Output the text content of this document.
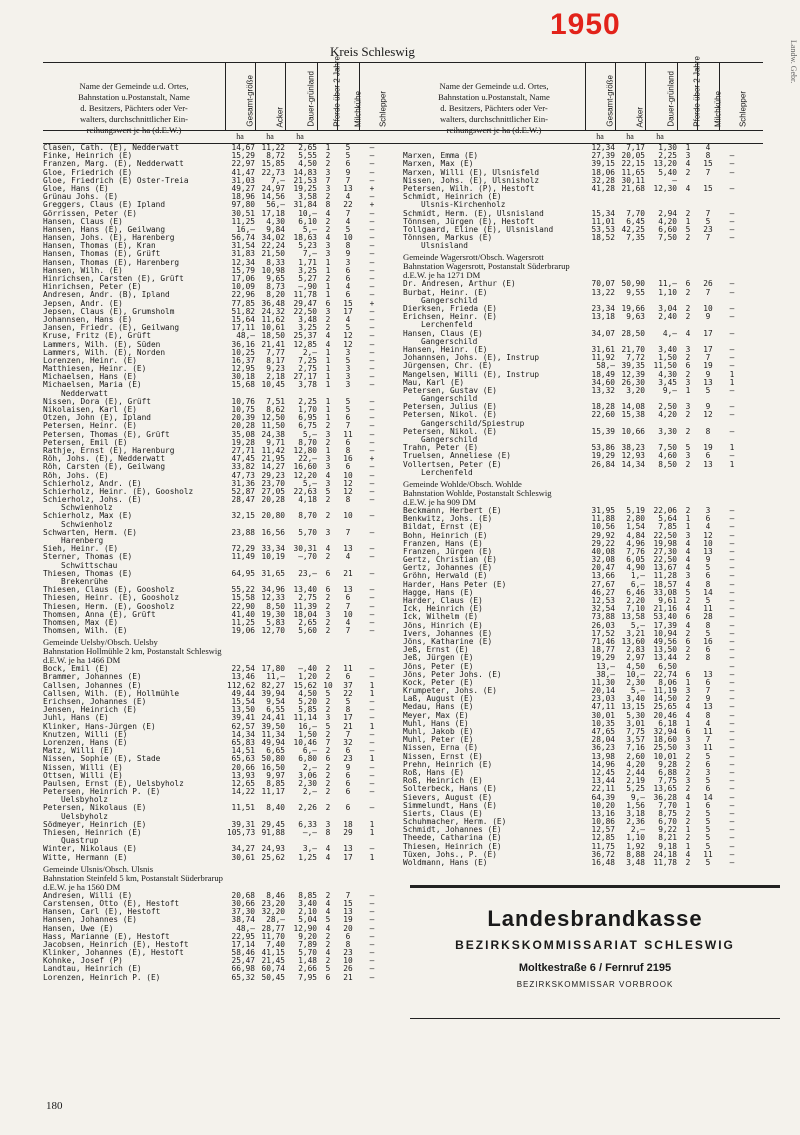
1950
Kreis Schleswig	Landw. Gebr.
Name der Gemeinde u.d. Ortes,
Bahnstation u.Postanstalt, Name
d. Besitzers, Pächters oder Ver-
walters, durchschnittlicher Ein-
reihungswert je ha (d.E.W.)
Gesamt-größe	Acker	Dauer-grünland Pferde über 2 Jahre Milchkühe Schlepper
ha	ha	ha
Clasen, Cath. (E), Nedderwatt	14,67 11,22	2,65	1	5	—
Finke, Heinrich (E)	15,29	8,72	5,55	2	5	—
Franzen, Marg. (E), Nedderwatt	22,97 15,85	4,50	2	6	—
Gloe, Friedrich (E)	41,47 22,73	14,83	3	9	—
Gloe, Friedrich (E) Oster-Treia	31,03	7,—	21,53	7	7	—
Gloe, Hans (E)	49,27 24,97	19,25	3	13	+
Grünau Johs. (E)	18,96 14,56	3,58	2	4	—
Greggers, Claus (E) Ipland	97,80	56,—	31,84	8	22	+
Görrissen, Peter (E)	30,51 17,18	10,—	4	7	—
Hansen, Claus (E)	11,25	4,30	6,10	2	4	—
Hansen, Hans (E), Geilwang	16,—	9,84	5,—	2	5	—
Hansen, Johs. (E), Harenberg	56,74 34,02	18,63	4	10	—
Hansen, Thomas (E), Kran	31,54 22,24	5,23	3	8	—
Hansen, Thomas (E), Grüft	31,83 21,50	7,—	3	9	—
Hansen, Thomas (E), Harenberg	12,34	8,33	1,71	1	3	—
Hansen, Wilh. (E)	15,79 10,98	3,25	1	6	—
Hinrichsen, Carsten (E), Grüft	17,06	9,65	5,27	2	6	—
Hinrichsen, Peter (E)	10,09	8,73	—,90	1	4	—
Andresen, Andr. (B), Ipland	22,96	8,20	11,78	1	6	—
Jepsen, Andr. (E)	77,85 36,48	29,47	6	15	+
Jepsen, Claus (E), Grumsholm	51,82 24,32	22,50	3	17	—
Johannsen, Hans (E)	15,64 11,62	3,48	2	4	—
Jansen, Friedr. (E), Geilwang	17,11 10,61	3,25	2	5	—
Kruse, Fritz (E), Grüft	48,— 18,50	25,37	4	12	—
Lammers, Wilh. (E), Süden	36,16 21,41	12,85	4	12	—
Lammers, Wilh. (E), Norden	10,25	7,77	2,—	1	3	—
Lorenzen, Heinr. (E)	16,37	8,17	7,25	1	5	—
Matthiesen, Heinr. (E)	12,95	9,23	2,75	1	3	—
Michaelsen, Hans (E)	30,18	2,18	27,17	1	3	—
Michaelsen, Maria (E)	15,68 10,45	3,78	1	3	—
Nedderwatt
Nissen, Dora (E), Grüft	10,76	7,51	2,25	1	5	—
Nikolaisen, Karl (E)	10,75	8,62	1,70	1	5	—
Otzen, John (E), Ipland	20,39 12,50	6,95	1	6	—
Petersen, Heinr. (E)	20,28 11,50	6,75	2	7	—
Petersen, Thomas (E), Grüft	35,08 24,38	5,—	3	11	—
Petersen, Emil (E)	19,28	9,71	8,70	2	6	—
Rathje, Ernst (E), Harenburg	27,71 11,42	12,80	1	8	—
Röh, Johs. (E), Nedderwatt	47,45 21,95	22,—	3	16	+
Röh, Carsten (E), Geilwang	33,82 14,27	16,60	3	6	—
Röh, Johs. (E)	47,73 29,23	12,20	4	10	—
Schierholz, Andr. (E)	31,36 23,70	5,—	3	12	—
Schierholz, Heinr. (E), Goosholz	52,87 27,05	22,63	5	12	—
Schierholz, Johs. (E)	28,47 20,28	4,18	2	8	—
Schwienholz
Schierholz, Max (E)	32,15 20,80	8,70	2	10	—
Schwienholz
Schwarten, Herm. (E)	23,88 16,56	5,70	3	7	—
Harenberg
Sieh, Heinr. (E)	72,29 33,34	30,31	4	13	—
Sterner, Thomas (E)	11,49 10,19	—,70	2	4	—
Schwittschau
Thiesen, Thomas (E)	64,95 31,65	23,—	6	21	—
Brekenrühe
Thiesen, Claus (E), Goosholz	55,22 34,96	13,40	6	13	—
Thiesen, Heinr. (E), Goosholz	15,58 12,33	2,75	2	6	—
Thiesen, Herm. (E), Goosholz	22,90	8,50	11,39	2	7	—
Thomsen, Anna (E), Grüft	41,40 19,30	18,04	3	10	—
Thomsen, Max (E)	11,25	5,83	2,65	2	4	—
Thomsen, Wilh. (E)	19,06 12,70	5,60	2	7	—
Gemeinde Uelsby/Obsch. Uelsby
Bahnstation Hollmühle 2 km, Postanstalt Schleswig
d.E.W. je ha 1466 DM
Bock, Emil (E)	22,54 17,80	—,40	2	11	—
Brammer, Johannes (E)	13,46	11,—	1,20	2	6	—
Callsen, Johannes (E)	112,62 82,27	15,62 10 37	1
Callsen, Wilh. (E), Hollmühle	49,44 39,94	4,50	5	22	1
Erichsen, Johannes (E)	15,54	9,54	5,20	2	5	—
Jensen, Heinrich (E)	13,50	6,55	5,85	2	8	—
Juhl, Hans (E)	39,41 24,41	11,14	3	17	—
Klinker, Hans-Jürgen (E)	62,57 39,50	16,—	5	21	1
Knutzen, Willi (E)	14,34 11,34	1,50	2	7	—
Lorenzen, Hans (E)	65,83 49,94	10,46	7	32	—
Matz, Willi (E)	14,51	6,65	6,—	2	6	—
Nissen, Sophie (E), Stade	65,63 50,80	6,80	6	23	1
Nissen, Willi (E)	20,66 16,50	2,—	2	9	—
Ottsen, Willi (E)	13,93	9,97	3,06	2	6	—
Paulsen, Ernst (E), Uelsbyholz	12,65	8,85	2,30	2	6	—
Petersen, Heinrich P. (E)	14,22 11,17	2,—	2	6	—
Uelsbyholz
Petersen, Nikolaus (E)	11,51	8,40	2,26	2	6	—
Uelsbyholz
Södmeyer, Heinrich (E)	39,31 29,45	6,33	3	18	1
Thiesen, Heinrich (E)	105,73 91,88	—,—	8	29	1
Quastrup
Winter, Nikolaus (E)	34,27 24,93	3,—	4	13	—
Witte, Hermann (E)	30,61 25,62	1,25	4	17	1
Gemeinde Ulsnis/Obsch. Ulsnis
Bahnstation Steinfeld 5 km, Postanstalt Süderbrarup
d.E.W. je ha 1560 DM
Andresen, Willi (E)	20,68	8,46	8,85	2	7	—
Carstensen, Otto (E), Hestoft	30,66 23,20	3,40	4	15	—
Hansen, Carl (E), Hestoft	37,30 32,20	2,10	4	13	—
Hansen, Johannes (E)	38,74	28,—	5,04	5	19	—
Hansen, Uwe (E)	48,— 28,77	12,90	4	20	—
Hass, Marianne (E), Hestoft	22,95 11,70	9,20	2	6	—
Jacobsen, Heinrich (E), Hestoft	17,14	7,40	7,89	2	8	—
Klinker, Johannes (E), Hestoft	58,46 41,15	5,70	4	23	—
Kohnke, Josef (P)	25,47 21,45	1,48	2	10	—
Landtau, Heinrich (E)	66,98 60,74	2,66	5	26	—
Lorenzen, Heinrich P. (E)	65,32 50,45	7,95	6	21	—
Name der Gemeinde u.d. Ortes,
Bahnstation u.Postanstalt, Name
d. Besitzers, Pächters oder Ver-
walters, durchschnittlicher Ein-
reihungswert je ha (d.E.W.)
Gesamt-größe	Acker	Dauer-grünland Pferde über 2 Jahre Milchkühe Schlepper
ha	ha	ha
12,34	7,17	1,30	1	4
Marxen, Emma (E)	27,39 20,05	2,25	3	8	—
Marxen, Max (E)	39,15 22,15	13,20	4	15	—
Marxen, Willi (E), Ulsnisfeld	18,06 11,65	5,40	2	7	—
Nissen, Johs. (E), Ulsnisholz	32,28 30,11	—
Petersen, Wilh. (P), Hestoft	41,28 21,68	12,30	4	15	—
Schmidt, Heinrich (E)
Ulsnis-Kirchenholz
Schmidt, Herm. (E), Ulsnisland	15,34	7,70	2,94	2	7	—
Tönnsen, Jürgen (E), Hestoft	11,01	6,45	4,20	1	5	—
Tollgaard, Eline (E), Ulsnisland	53,53 42,25	6,60	5	23	—
Tönnsen, Markus (E)	18,52	7,35	7,50	2	7	—
Ulsnisland
Gemeinde Wagersrott/Obsch. Wagersrott
Bahnstation Wagersrott, Postanstalt Süderbrarup
d.E.W. je ha 1271 DM
Dr. Andresen, Arthur (E)	70,07 50,90	11,—	6	26	—
Burbat, Heinr. (E)	13,22	9,55	1,10	2	7	—
Gangerschild
Dierksen, Frieda (E)	23,34 19,66	3,04	2	10	—
Erichsen, Heinr. (E)	13,18	9,63	2,40	2	9	—
Lerchenfeld
Hansen, Claus (E)	34,07 28,50	4,—	4	17	—
Gangerschild
Hansen, Heinr. (E)	31,61 21,70	3,40	3	17	—
Johannsen, Johs. (E), Instrup	11,92	7,72	1,50	2	7	—
Jürgensen, Chr. (E)	58,— 39,35	11,50	6	19	—
Mangelsen, Willi (E), Instrup	18,49 12,39	4,30	2	9	1
Mau, Karl (E)	34,60 26,30	3,45	3	13	1
Petersen, Gustav (E)	13,32	3,20	9,—	1	5	—
Gangerschild
Petersen, Julius (E)	18,28 14,08	2,50	3	9	—
Petersen, Nikol. (E)	22,60 15,38	4,20	2	12	—
Gangerschild/Spiestrup
Petersen, Nikol. (E)	15,39 10,66	3,30	2	8	—
Gangerschild
Trahn, Peter (E)	53,86 38,23	7,50	5	19	1
Truelsen, Anneliese (E)	19,29 12,93	4,60	3	6	—
Vollertsen, Peter (E)	26,84 14,34	8,50	2	13	1
Lerchenfeld
Gemeinde Wohlde/Obsch. Wohlde
Bahnstation Wohlde, Postanstalt Schleswig
d.E.W. je ha 909 DM
Beckmann, Herbert (E)	31,95	5,19	22,06	2	3	—
Benkwitz, Johs. (E)	11,88	2,80	5,64	1	6	—
Bildat, Ernst (E)	10,56	1,54	7,85	1	4	—
Bohn, Heinrich (E)	29,92	4,84	22,50	3	12	—
Franzen, Hans (E)	29,22	4,96	19,98	4	10	—
Franzen, Jürgen (E)	40,08	7,76	27,30	4	13	—
Gertz, Christian (E)	32,08	6,05	22,50	4	9	—
Gertz, Johannes (E)	20,47	4,90	13,67	4	5	—
Gröhn, Herwald (E)	13,66	1,—	11,28	3	6	—
Harder, Hans Peter (E)	27,67	6,—	18,57	4	8	—
Hagge, Hans (E)	46,27	6,46	33,08	5	14	—
Harder, Claus (E)	12,53	2,20	9,61	2	5	—
Ick, Heinrich (E)	32,54	7,10	21,16	4	11	—
Ick, Wilhelm (E)	73,88 13,58	53,40	6	28	—
Jöns, Hinrich (E)	26,03	5,—	17,39	4	8	—
Ivers, Johannes (E)	17,52	3,21	10,94	2	5	—
Jöns, Katharine (E)	71,46 13,60	49,56	6	16	—
Jeß, Ernst (E)	18,77	2,83	13,50	2	6	—
Jeß, Jürgen (E)	19,29	2,97	13,44	2	8	—
Jöns, Peter (E)	13,—	4,50	6,50	—
Jöns, Peter Johs. (E)	38,—	10,—	22,74	6	13	—
Kock, Peter (E)	11,30	2,30	8,06	1	6	—
Krumpeter, Johs. (E)	20,14	5,—	11,19	3	7	—
Laß, August (E)	23,03	3,40	14,50	2	9	—
Medau, Hans (E)	47,11 13,15	25,65	4	13	—
Meyer, Max (E)	30,01	5,30	20,46	4	8	—
Muhl, Hans (E)	10,35	3,01	6,18	1	4	—
Muhl, Jakob (E)	47,65	7,75	32,94	6	11	—
Muhl, Peter (E)	28,04	3,57	18,60	3	7	—
Nissen, Erna (E)	36,23	7,16	25,50	3	11	—
Nissen, Ernst (E)	13,98	2,60	10,01	2	5	—
Prehn, Heinrich (E)	14,96	4,20	9,28	2	6	—
Roß, Hans (E)	12,45	2,44	6,88	2	3	—
Roß, Heinrich (E)	13,44	2,19	7,75	3	5	—
Solterbeck, Hans (E)	22,11	5,25	13,65	2	6	—
Sievers, August (E)	64,39	9,—	36,28	4	14	—
Simmelundt, Hans (E)	10,20	1,56	7,70	1	6	—
Sierts, Claus (E)	13,16	3,18	8,75	2	5	—
Schuhmacher, Herm. (E)	10,86	2,36	6,70	2	5	—
Schmidt, Johannes (E)	12,57	2,—	9,22	1	5	—
Theede, Catharina (E)	12,85	1,10	8,21	2	5	—
Thiesen, Heinrich (E)	11,75	1,92	9,18	1	5	—
Tüxen, Johs., P. (E)	36,72	8,88	24,18	4	11	—
Woldmann, Hans (E)	16,48	3,48	11,78	2	5	—
Landesbrandkasse
BEZIRKSKOMMISSARIAT SCHLESWIG
Moltkestraße 6 / Fernruf 2195
BEZIRKSKOMMISSAR VORBROOK
180
